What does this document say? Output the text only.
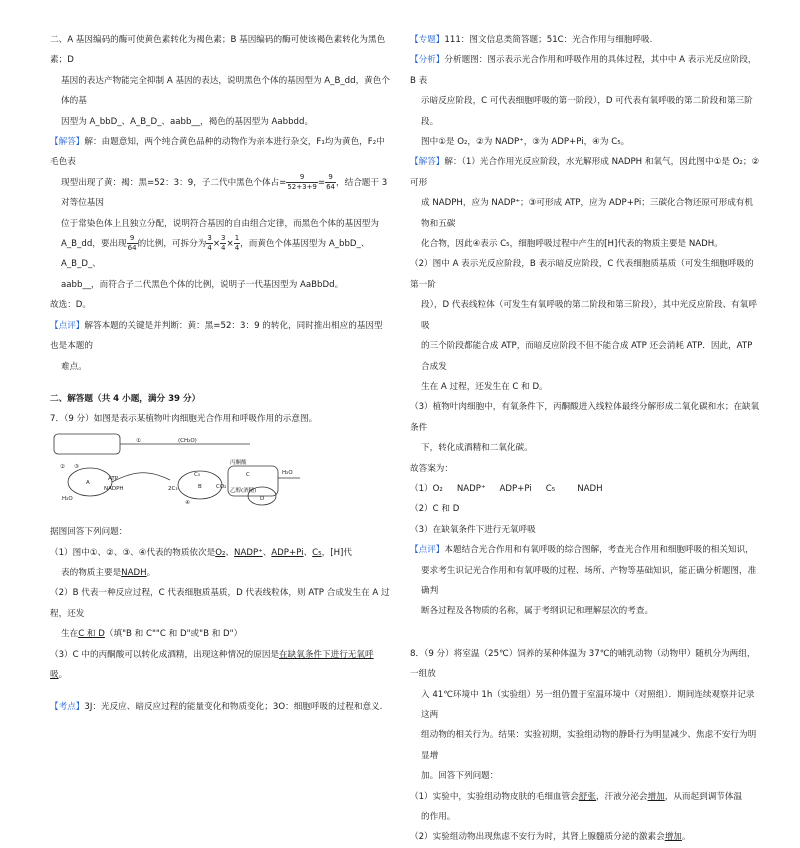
二、A 基因编码的酶可使黄色素转化为褐色素；B 基因编码的酶可使该褐色素转化为黑色素；D

基因的表达产物能完全抑制 A 基因的表达，说明黑色个体的基因型为 A_B_dd，黄色个体的基

因型为 A_bbD_、A_B_D_、aabb__，褐色的基因型为 Aabbdd。

【解答】解：由题意知，两个纯合黄色品种的动物作为亲本进行杂交，F₁均为黄色，F₂中毛色表

现型出现了黄：褐：黑=52：3：9，子二代中黑色个体占= $\frac{9}{52+3+9} = \frac{9}{64}$ ，结合题干 3 对等位基因

位于常染色体上且独立分配，说明符合基因的自由组合定律，而黑色个体的基因型为

A_B_dd，要出现 $\frac{9}{64}$ 的比例，可拆分为 $\frac{3}{4} \times \frac{3}{4} \times \frac{1}{4}$ ，而黄色个体基因型为 A_bbD_、A_B_D_、

aabb__，而符合子二代黑色个体的比例，说明子一代基因型为 AaBbDd。

故选：D。

【点评】解答本题的关键是并判断：黄：黑=52：3：9 的转化，同时推出相应的基因型也是本题的

难点。

二、解答题（共 4 小题，满分 39 分）

7．（9 分）如图是表示某植物叶肉细胞光合作用和呼吸作用的示意图。

①
② ③
④
ATP
NADPH
(CH₂O)
2C₃	CO₂
C₅
丙酮酸
乙醇(酒精)
H₂O
H₂O
A
B
C
D

据图回答下列问题：

（1）图中①、②、③、④代表的物质依次是O₂、NADP⁺、ADP+Pi、C₅，[H]代

表的物质主要是NADH。

（2）B 代表一种反应过程，C 代表细胞质基质，D 代表线粒体，则 ATP 合成发生在 A 过程，还发

生在C 和 D（填"B 和 C""C 和 D"或"B 和 D"）

（3）C 中的丙酮酸可以转化成酒精，出现这种情况的原因是在缺氧条件下进行无氧呼吸。

【考点】3J：光反应、暗反应过程的能量变化和物质变化；3O：细胞呼吸的过程和意义.

【专题】111：图文信息类简答题；51C：光合作用与细胞呼吸.

【分析】分析题图：图示表示光合作用和呼吸作用的具体过程，其中中 A 表示光反应阶段，B 表

示暗反应阶段，C 可代表细胞呼吸的第一阶段），D 可代表有氧呼吸的第二阶段和第三阶段。

图中①是 O₂，②为 NADP⁺，③为 ADP+Pi，④为 C₅。

【解答】解：（1）光合作用光反应阶段，水光解形成 NADPH 和氧气，因此图中①是 O₂；②可形

成 NADPH，应为 NADP⁺；③可形成 ATP，应为 ADP+Pi；三碳化合物还原可形成有机物和五碳

化合物，因此④表示 C₅，细胞呼吸过程中产生的[H]代表的物质主要是 NADH。

（2）图中 A 表示光反应阶段，B 表示暗反应阶段，C 代表细胞质基质（可发生细胞呼吸的第一阶

段），D 代表线粒体（可发生有氧呼吸的第二阶段和第三阶段），其中光反应阶段、有氧呼吸

的三个阶段都能合成 ATP，而暗反应阶段不但不能合成 ATP 还会消耗 ATP．因此，ATP 合成发

生在 A 过程，还发生在 C 和 D。

（3）植物叶肉细胞中，有氧条件下，丙酮酸进入线粒体最终分解形成二氧化碳和水；在缺氧条件

下，转化成酒精和二氧化碳。

故答案为：

（1）O₂ NADP⁺ ADP+Pi C₅	NADH

（2）C 和 D

（3）在缺氧条件下进行无氧呼吸

【点评】本题结合光合作用和有氧呼吸的综合图解，考查光合作用和细胞呼吸的相关知识，

要求考生识记光合作用和有氧呼吸的过程、场所、产物等基础知识，能正确分析题图，准确判

断各过程及各物质的名称，属于考纲识记和理解层次的考查。

8．（9 分）将室温（25℃）饲养的某种体温为 37℃的哺乳动物（动物甲）随机分为两组，一组放

入 41℃环境中 1h（实验组）另一组仍置于室温环境中（对照组）．期间连续观察并记录这两

组动物的相关行为。结果：实验初期，实验组动物的静卧行为明显减少、焦虑不安行为明显增

加。回答下列问题：

（1）实验中，实验组动物皮肤的毛细血管会舒张，汗液分泌会增加，从而起到调节体温

的作用。

（2）实验组动物出现焦虑不安行为时，其肾上腺髓质分泌的激素会增加。
